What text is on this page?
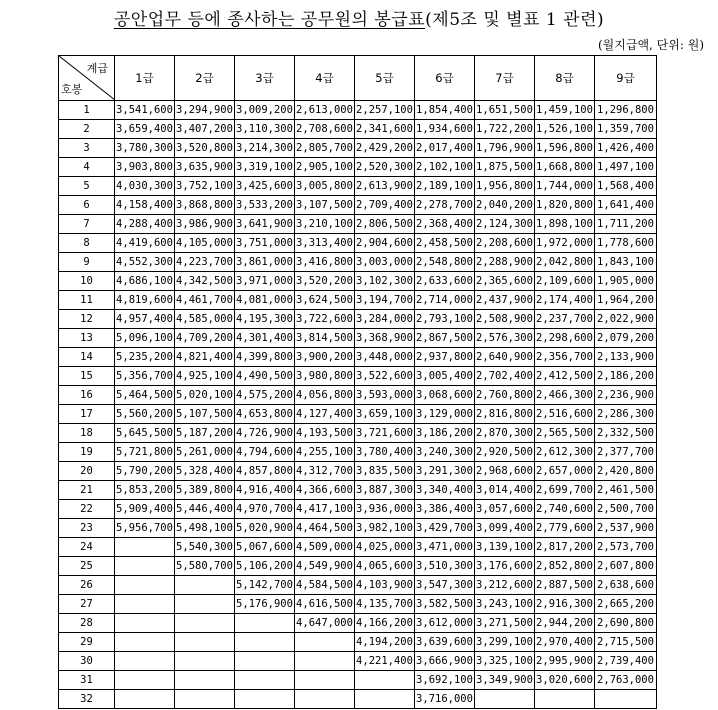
공안업무 등에 종사하는 공무원의 봉급표(제5조 및 별표 1 관련)
(월지급액, 단위: 원)
계급
호봉	1급	2급	3급	4급	5급	6급	7급	8급	9급
1	3,541,600	3,294,900	3,009,200	2,613,000	2,257,100	1,854,400	1,651,500	1,459,100	1,296,800
2	3,659,400	3,407,200	3,110,300	2,708,600	2,341,600	1,934,600	1,722,200	1,526,100	1,359,700
3	3,780,300	3,520,800	3,214,300	2,805,700	2,429,200	2,017,400	1,796,900	1,596,800	1,426,400
4	3,903,800	3,635,900	3,319,100	2,905,100	2,520,300	2,102,100	1,875,500	1,668,800	1,497,100
5	4,030,300	3,752,100	3,425,600	3,005,800	2,613,900	2,189,100	1,956,800	1,744,000	1,568,400
6	4,158,400	3,868,800	3,533,200	3,107,500	2,709,400	2,278,700	2,040,200	1,820,800	1,641,400
7	4,288,400	3,986,900	3,641,900	3,210,100	2,806,500	2,368,400	2,124,300	1,898,100	1,711,200
8	4,419,600	4,105,000	3,751,000	3,313,400	2,904,600	2,458,500	2,208,600	1,972,000	1,778,600
9	4,552,300	4,223,700	3,861,000	3,416,800	3,003,000	2,548,800	2,288,900	2,042,800	1,843,100
10	4,686,100	4,342,500	3,971,000	3,520,200	3,102,300	2,633,600	2,365,600	2,109,600	1,905,000
11	4,819,600	4,461,700	4,081,000	3,624,500	3,194,700	2,714,000	2,437,900	2,174,400	1,964,200
12	4,957,400	4,585,000	4,195,300	3,722,600	3,284,000	2,793,100	2,508,900	2,237,700	2,022,900
13	5,096,100	4,709,200	4,301,400	3,814,500	3,368,900	2,867,500	2,576,300	2,298,600	2,079,200
14	5,235,200	4,821,400	4,399,800	3,900,200	3,448,000	2,937,800	2,640,900	2,356,700	2,133,900
15	5,356,700	4,925,100	4,490,500	3,980,800	3,522,600	3,005,400	2,702,400	2,412,500	2,186,200
16	5,464,500	5,020,100	4,575,200	4,056,800	3,593,000	3,068,600	2,760,800	2,466,300	2,236,900
17	5,560,200	5,107,500	4,653,800	4,127,400	3,659,100	3,129,000	2,816,800	2,516,600	2,286,300
18	5,645,500	5,187,200	4,726,900	4,193,500	3,721,600	3,186,200	2,870,300	2,565,500	2,332,500
19	5,721,800	5,261,000	4,794,600	4,255,100	3,780,400	3,240,300	2,920,500	2,612,300	2,377,700
20	5,790,200	5,328,400	4,857,800	4,312,700	3,835,500	3,291,300	2,968,600	2,657,000	2,420,800
21	5,853,200	5,389,800	4,916,400	4,366,600	3,887,300	3,340,400	3,014,400	2,699,700	2,461,500
22	5,909,400	5,446,400	4,970,700	4,417,100	3,936,000	3,386,400	3,057,600	2,740,600	2,500,700
23	5,956,700	5,498,100	5,020,900	4,464,500	3,982,100	3,429,700	3,099,400	2,779,600	2,537,900
24		5,540,300	5,067,600	4,509,000	4,025,000	3,471,000	3,139,100	2,817,200	2,573,700
25		5,580,700	5,106,200	4,549,900	4,065,600	3,510,300	3,176,600	2,852,800	2,607,800
26			5,142,700	4,584,500	4,103,900	3,547,300	3,212,600	2,887,500	2,638,600
27			5,176,900	4,616,500	4,135,700	3,582,500	3,243,100	2,916,300	2,665,200
28				4,647,000	4,166,200	3,612,000	3,271,500	2,944,200	2,690,800
29					4,194,200	3,639,600	3,299,100	2,970,400	2,715,500
30					4,221,400	3,666,900	3,325,100	2,995,900	2,739,400
31						3,692,100	3,349,900	3,020,600	2,763,000
32						3,716,000			
